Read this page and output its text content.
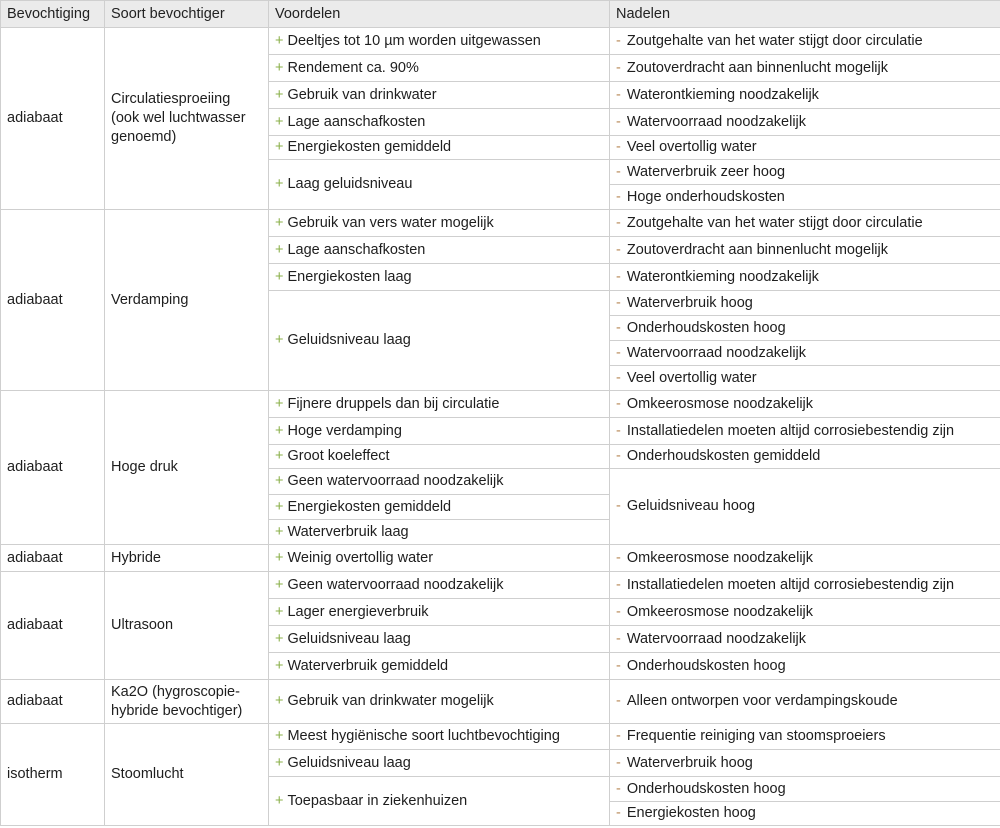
Bevochtiging	Soort bevochtiger	Voordelen	Nadelen
adiabaat	Circulatiesproeiing (ook wel luchtwasser genoemd)	+ Deeltjes tot 10 µm worden uitgewassen	- Zoutgehalte van het water stijgt door circulatie
		+ Rendement ca. 90%	- Zoutoverdracht aan binnenlucht mogelijk
		+ Gebruik van drinkwater	- Waterontkieming noodzakelijk
		+ Lage aanschafkosten	- Watervoorraad noodzakelijk
		+ Energiekosten gemiddeld	- Veel overtollig water
		+ Laag geluidsniveau	- Waterverbruik zeer hoog
			- Hoge onderhoudskosten
adiabaat	Verdamping	+ Gebruik van vers water mogelijk	- Zoutgehalte van het water stijgt door circulatie
		+ Lage aanschafkosten	- Zoutoverdracht aan binnenlucht mogelijk
		+ Energiekosten laag	- Waterontkieming noodzakelijk
		+ Geluidsniveau laag	- Waterverbruik hoog
			- Onderhoudskosten hoog
			- Watervoorraad noodzakelijk
			- Veel overtollig water
adiabaat	Hoge druk	+ Fijnere druppels dan bij circulatie	- Omkeerosmose noodzakelijk
		+ Hoge verdamping	- Installatiedelen moeten altijd corrosiebestendig zijn
		+ Groot koeleffect	- Onderhoudskosten gemiddeld
		+ Geen watervoorraad noodzakelijk	- Geluidsniveau hoog
		+ Energiekosten gemiddeld	
		+ Waterverbruik laag	
adiabaat	Hybride	+ Weinig overtollig water	- Omkeerosmose noodzakelijk
adiabaat	Ultrasoon	+ Geen watervoorraad noodzakelijk	- Installatiedelen moeten altijd corrosiebestendig zijn
		+ Lager energieverbruik	- Omkeerosmose noodzakelijk
		+ Geluidsniveau laag	- Watervoorraad noodzakelijk
		+ Waterverbruik gemiddeld	- Onderhoudskosten hoog
adiabaat	Ka2O (hygroscopie-hybride bevochtiger)	+ Gebruik van drinkwater mogelijk	- Alleen ontworpen voor verdampingskoude
isotherm	Stoomlucht	+ Meest hygiënische soort luchtbevochtiging	- Frequentie reiniging van stoomsproeiers
		+ Geluidsniveau laag	- Waterverbruik hoog
		+ Toepasbaar in ziekenhuizen	- Onderhoudskosten hoog
			- Energiekosten hoog
